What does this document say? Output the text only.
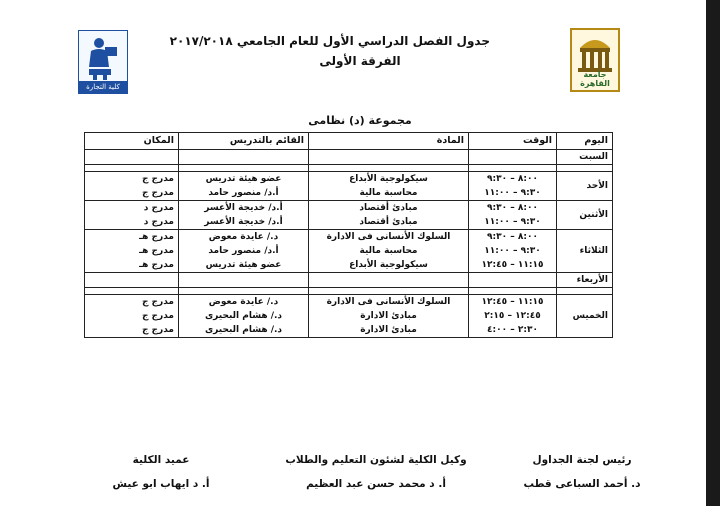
كلية التجارة
جامعة القاهرة
جدول الفصل الدراسي الأول للعام الجامعي ٢٠١٧/٢٠١٨
الفرقة الأولى
مجموعة (د) نظامى
اليوم	الوقت	المادة	القائم بالتدريس	المكان
السبت				

الأحد	٨:٠٠ – ٩:٣٠	سيكولوجية الأبداع	عضو هيئة تدريس	مدرج ج
	٩:٣٠ – ١١:٠٠	محاسبة مالية	أ.د/ منصور حامد	مدرج ج
الأثنين	٨:٠٠ – ٩:٣٠	مبادئ أقتصاد	أ.د/ خديجة الأعسر	مدرج د
	٩:٣٠ – ١١:٠٠	مبادئ أقتصاد	أ.د/ خديجة الأعسر	مدرج د
الثلاثاء	٨:٠٠ – ٩:٣٠	السلوك الأنسانى فى الادارة	د./ عايدة معوض	مدرج هـ
	٩:٣٠ – ١١:٠٠	محاسبة مالية	أ.د/ منصور حامد	مدرج هـ
	١١:١٥ – ١٢:٤٥	سيكولوجية الأبداع	عضو هيئة تدريس	مدرج هـ
الأربعاء				

الخميس	١١:١٥ – ١٢:٤٥	السلوك الأنسانى فى الادارة	د./ عايدة معوض	مدرج ج
	١٢:٤٥ – ٢:١٥	مبادئ الادارة	د./ هشام البحيرى	مدرج ج
	٢:٣٠ – ٤:٠٠	مبادئ الادارة	د./ هشام البحيرى	مدرج ج
رئيس لجنة الجداول
د. أحمد السباعى قطب
وكيل الكلية لشئون التعليم والطلاب
أ. د محمد حسن عبد العظيم
عميد الكلية
أ. د ايهاب ابو عيش
